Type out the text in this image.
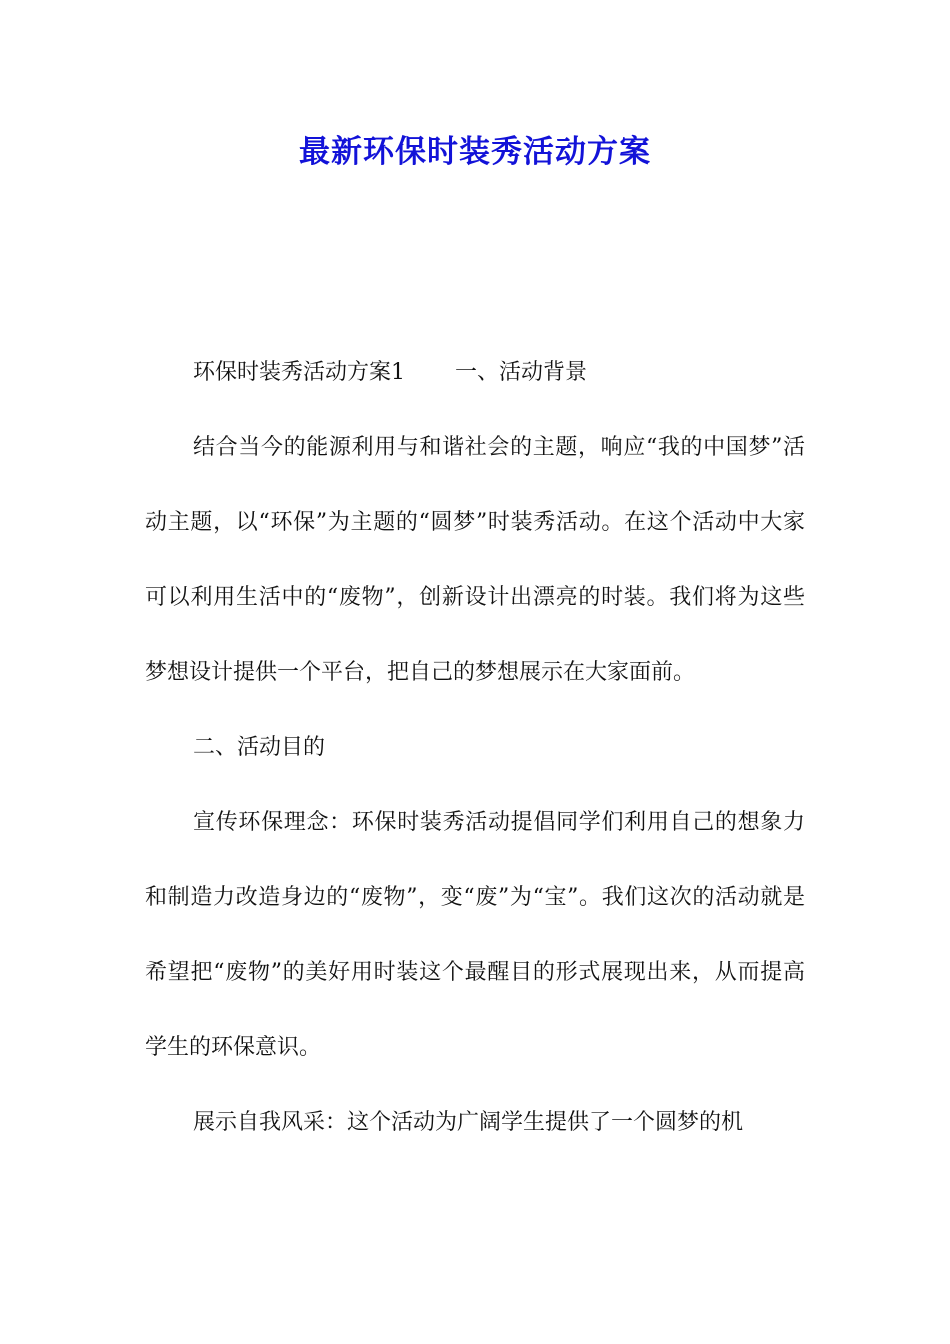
最新环保时装秀活动方案

环保时装秀活动方案1 一、活动背景

结合当今的能源利用与和谐社会的主题，响应“我的中国梦”活动主题，以“环保”为主题的“圆梦”时装秀活动。在这个活动中大家可以利用生活中的“废物”，创新设计出漂亮的时装。我们将为这些梦想设计提供一个平台，把自己的梦想展示在大家面前。

二、活动目的

宣传环保理念：环保时装秀活动提倡同学们利用自己的想象力和制造力改造身边的“废物”，变“废”为“宝”。我们这次的活动就是希望把“废物”的美好用时装这个最醒目的形式展现出来，从而提高学生的环保意识。

展示自我风采：这个活动为广阔学生提供了一个圆梦的机
